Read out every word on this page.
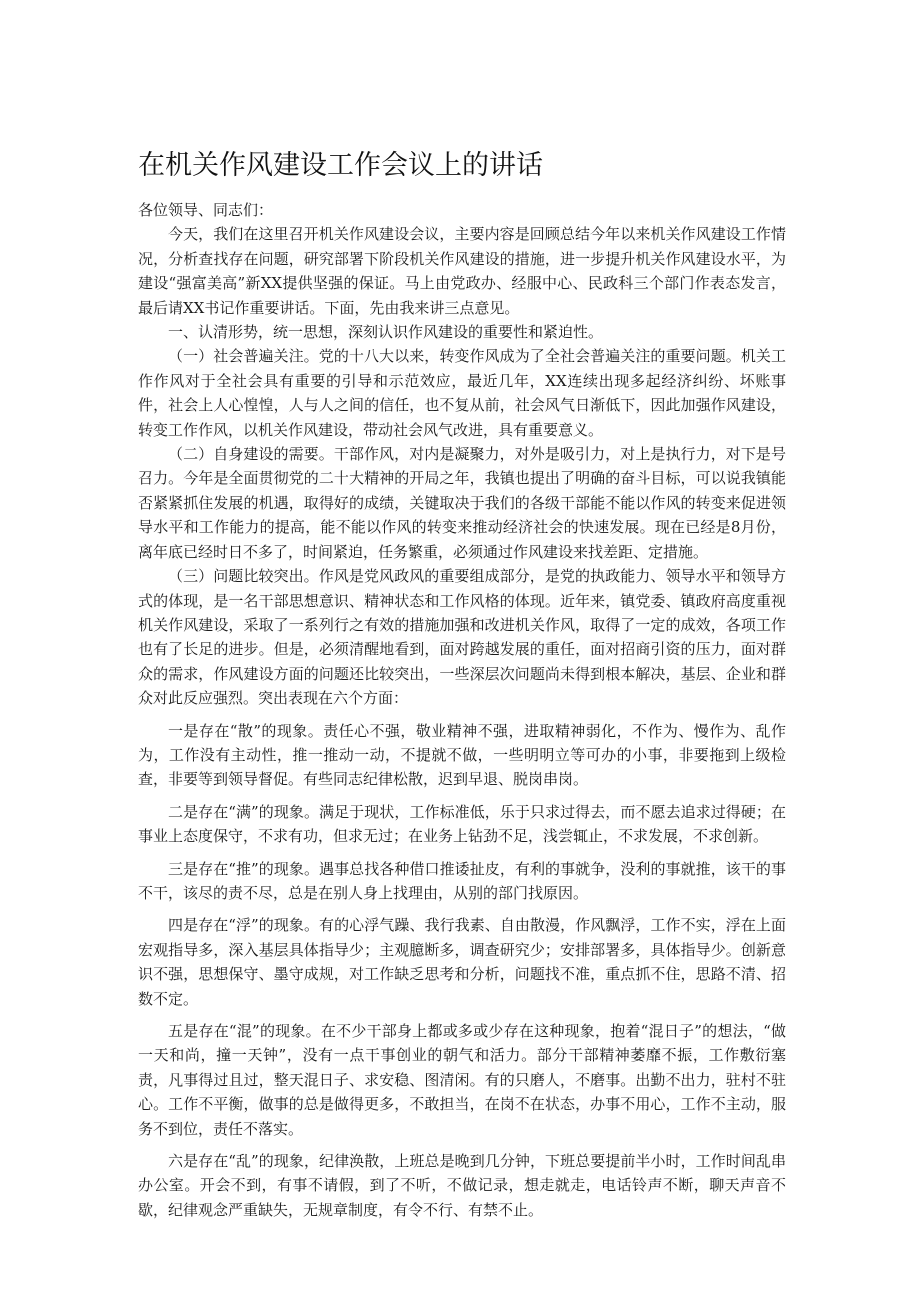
在机关作风建设工作会议上的讲话

各位领导、同志们：

今天，我们在这里召开机关作风建设会议，主要内容是回顾总结今年以来机关作风建设工作情况，分析查找存在问题，研究部署下阶段机关作风建设的措施，进一步提升机关作风建设水平，为建设“强富美高”新XX提供坚强的保证。马上由党政办、经服中心、民政科三个部门作表态发言，最后请XX书记作重要讲话。下面，先由我来讲三点意见。

一、认清形势，统一思想，深刻认识作风建设的重要性和紧迫性。

（一）社会普遍关注。党的十八大以来，转变作风成为了全社会普遍关注的重要问题。机关工作作风对于全社会具有重要的引导和示范效应，最近几年，XX连续出现多起经济纠纷、坏账事件，社会上人心惶惶，人与人之间的信任，也不复从前，社会风气日渐低下，因此加强作风建设，转变工作作风，以机关作风建设，带动社会风气改进，具有重要意义。

（二）自身建设的需要。干部作风，对内是凝聚力，对外是吸引力，对上是执行力，对下是号召力。今年是全面贯彻党的二十大精神的开局之年，我镇也提出了明确的奋斗目标，可以说我镇能否紧紧抓住发展的机遇，取得好的成绩，关键取决于我们的各级干部能不能以作风的转变来促进领导水平和工作能力的提高，能不能以作风的转变来推动经济社会的快速发展。现在已经是8月份，离年底已经时日不多了，时间紧迫，任务繁重，必须通过作风建设来找差距、定措施。

（三）问题比较突出。作风是党风政风的重要组成部分，是党的执政能力、领导水平和领导方式的体现，是一名干部思想意识、精神状态和工作风格的体现。近年来，镇党委、镇政府高度重视机关作风建设，采取了一系列行之有效的措施加强和改进机关作风，取得了一定的成效，各项工作也有了长足的进步。但是，必须清醒地看到，面对跨越发展的重任，面对招商引资的压力，面对群众的需求，作风建设方面的问题还比较突出，一些深层次问题尚未得到根本解决，基层、企业和群众对此反应强烈。突出表现在六个方面：

一是存在“散”的现象。责任心不强，敬业精神不强，进取精神弱化，不作为、慢作为、乱作为，工作没有主动性，推一推动一动，不提就不做，一些明明立等可办的小事，非要拖到上级检查，非要等到领导督促。有些同志纪律松散，迟到早退、脱岗串岗。

二是存在“满”的现象。满足于现状，工作标准低，乐于只求过得去，而不愿去追求过得硬；在事业上态度保守，不求有功，但求无过；在业务上钻劲不足，浅尝辄止，不求发展，不求创新。

三是存在“推”的现象。遇事总找各种借口推诿扯皮，有利的事就争，没利的事就推，该干的事不干，该尽的责不尽，总是在别人身上找理由，从别的部门找原因。

四是存在“浮”的现象。有的心浮气躁、我行我素、自由散漫，作风飘浮，工作不实，浮在上面宏观指导多，深入基层具体指导少；主观臆断多，调查研究少；安排部署多，具体指导少。创新意识不强，思想保守、墨守成规，对工作缺乏思考和分析，问题找不准，重点抓不住，思路不清、招数不定。

五是存在“混”的现象。在不少干部身上都或多或少存在这种现象，抱着“混日子”的想法，“做一天和尚，撞一天钟”，没有一点干事创业的朝气和活力。部分干部精神萎靡不振，工作敷衍塞责，凡事得过且过，整天混日子、求安稳、图清闲。有的只磨人，不磨事。出勤不出力，驻村不驻心。工作不平衡，做事的总是做得更多，不敢担当，在岗不在状态，办事不用心，工作不主动，服务不到位，责任不落实。

六是存在“乱”的现象，纪律涣散，上班总是晚到几分钟，下班总要提前半小时，工作时间乱串办公室。开会不到，有事不请假，到了不听，不做记录，想走就走，电话铃声不断，聊天声音不歇，纪律观念严重缺失，无规章制度，有令不行、有禁不止。
